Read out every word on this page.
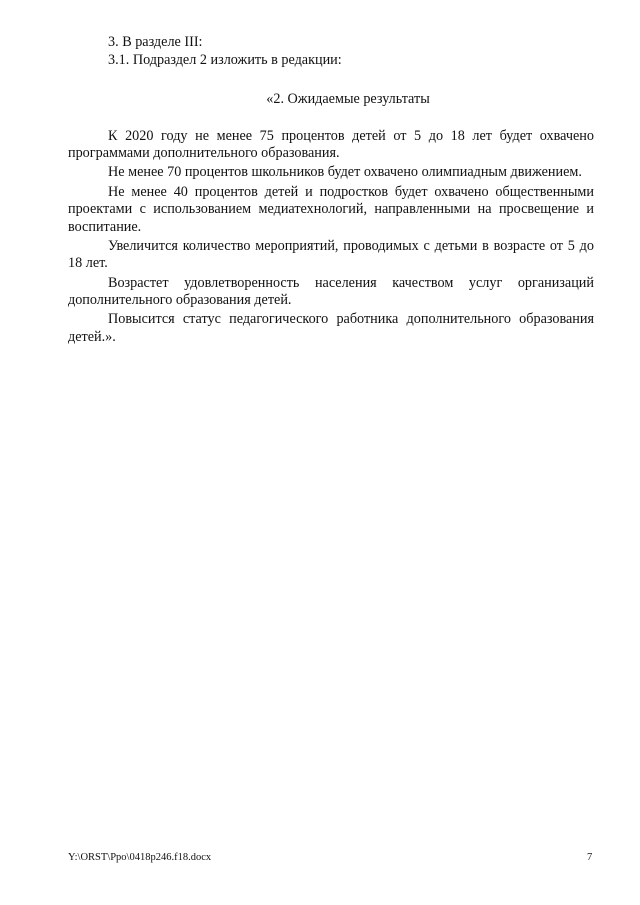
3. В разделе III:

3.1. Подраздел 2 изложить в редакции:

«2. Ожидаемые результаты

К 2020 году не менее 75 процентов детей от 5 до 18 лет будет охвачено программами дополнительного образования.

Не менее 70 процентов школьников будет охвачено олимпиадным движением.

Не менее 40 процентов детей и подростков будет охвачено общественными проектами с использованием медиатехнологий, направленными на просвещение и воспитание.

Увеличится количество мероприятий, проводимых с детьми в возрасте от 5 до 18 лет.

Возрастет удовлетворенность населения качеством услуг организаций дополнительного образования детей.

Повысится статус педагогического работника дополнительного образования детей.».

Y:\ORST\Ppo\0418p246.f18.docx	7
